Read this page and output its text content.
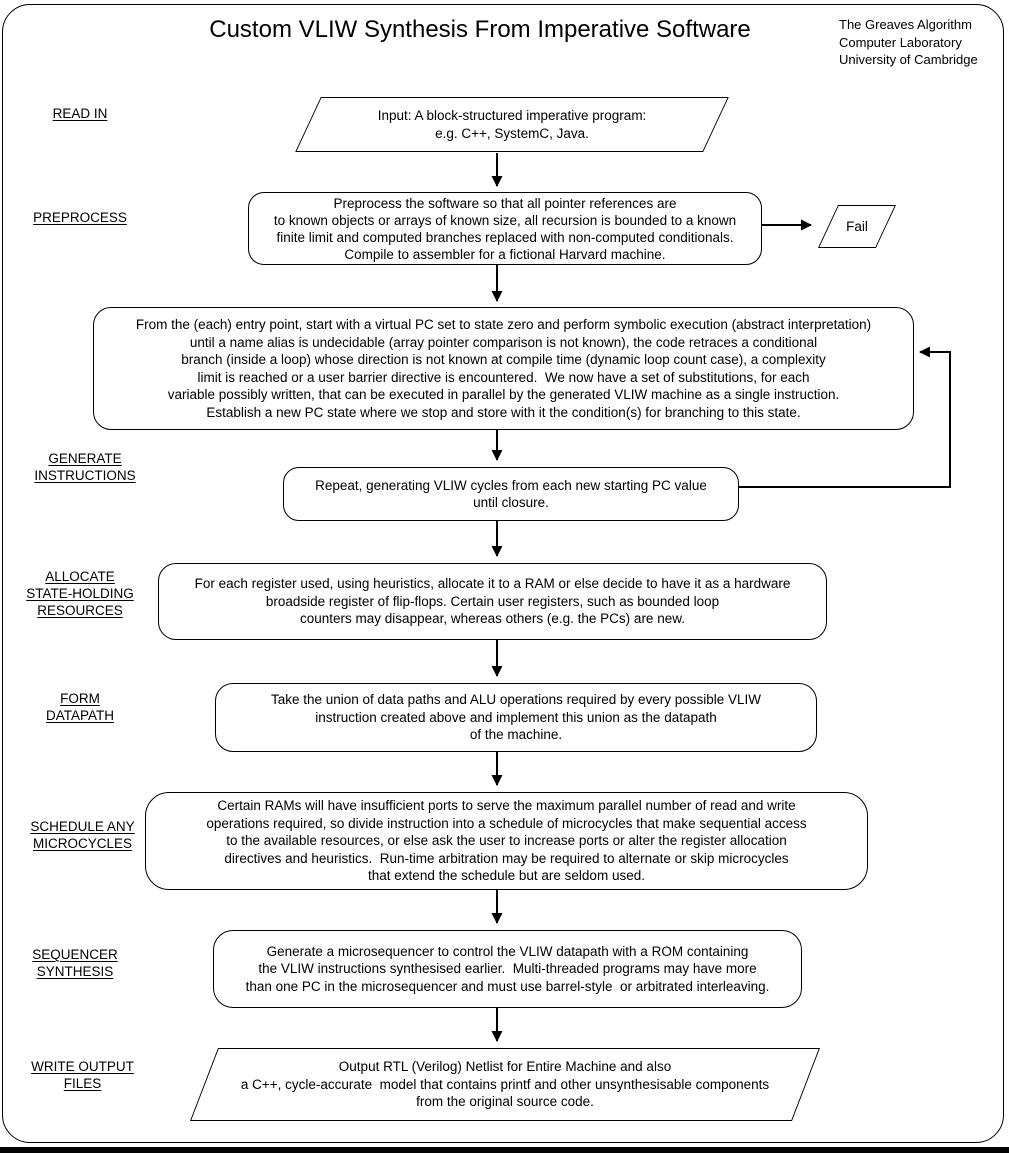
Custom VLIW Synthesis From Imperative Software	The Greaves Algorithm
Computer Laboratory
University of Cambridge
READ IN
PREPROCESS
GENERATE
INSTRUCTIONS
ALLOCATE
STATE-HOLDING
RESOURCES
FORM
DATAPATH
SCHEDULE ANY
MICROCYCLES
SEQUENCER
SYNTHESIS
WRITE OUTPUT
FILES
Input: A block-structured imperative program:
e.g. C++, SystemC, Java.
Preprocess the software so that all pointer references are
to known objects or arrays of known size, all recursion is bounded to a known
finite limit and computed branches replaced with non-computed conditionals.
Compile to assembler for a fictional Harvard machine.
Fail
From the (each) entry point, start with a virtual PC set to state zero and perform symbolic execution (abstract interpretation)
until a name alias is undecidable (array pointer comparison is not known), the code retraces a conditional
branch (inside a loop) whose direction is not known at compile time (dynamic loop count case), a complexity
limit is reached or a user barrier directive is encountered.  We now have a set of substitutions, for each
variable possibly written, that can be executed in parallel by the generated VLIW machine as a single instruction.
Establish a new PC state where we stop and store with it the condition(s) for branching to this state.
Repeat, generating VLIW cycles from each new starting PC value
until closure.
For each register used, using heuristics, allocate it to a RAM or else decide to have it as a hardware
broadside register of flip-flops. Certain user registers, such as bounded loop
counters may disappear, whereas others (e.g. the PCs) are new.
Take the union of data paths and ALU operations required by every possible VLIW
instruction created above and implement this union as the datapath
of the machine.
Certain RAMs will have insufficient ports to serve the maximum parallel number of read and write
operations required, so divide instruction into a schedule of microcycles that make sequential access
to the available resources, or else ask the user to increase ports or alter the register allocation
directives and heuristics.  Run-time arbitration may be required to alternate or skip microcycles
that extend the schedule but are seldom used.
Generate a microsequencer to control the VLIW datapath with a ROM containing
the VLIW instructions synthesised earlier.  Multi-threaded programs may have more
than one PC in the microsequencer and must use barrel-style  or arbitrated interleaving.
Output RTL (Verilog) Netlist for Entire Machine and also
a C++, cycle-accurate  model that contains printf and other unsynthesisable components
from the original source code.
